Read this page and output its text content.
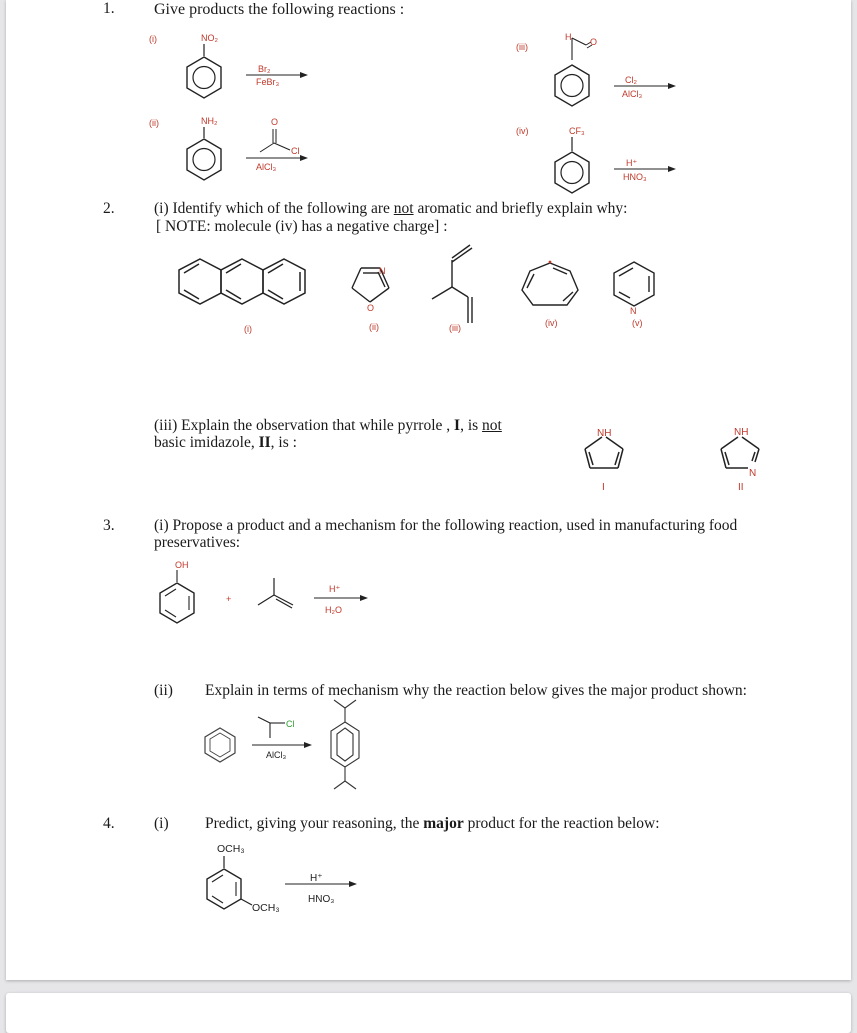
1. Give products the following reactions :
(i)	NO₂
Br₂
FeBr₃
(ii)	NH₂	O
Cl
AlCl₃
(iii)
H O
Cl₂
AlCl₃
(iv)	CF₃
H⁺
HNO₃
2.	(i) Identify which of the following are not aromatic and briefly explain why:
[ NOTE: molecule (iv) has a negative charge] :
(i)
N
O
(ii)	(iii)	(iv)
N
(v)
(iii) Explain the observation that while pyrrole , I, is not
basic imidazole, II, is :
NH
I
NH
N
II
3.	(i) Propose a product and a mechanism for the following reaction, used in manufacturing food
preservatives:
OH
+
H⁺
H₂O
(ii) Explain in terms of mechanism why the reaction below gives the major product shown:
Cl
AlCl₃
4.	(i) Predict, giving your reasoning, the major product for the reaction below:
OCH₃
OCH₃
H⁺
HNO₃
